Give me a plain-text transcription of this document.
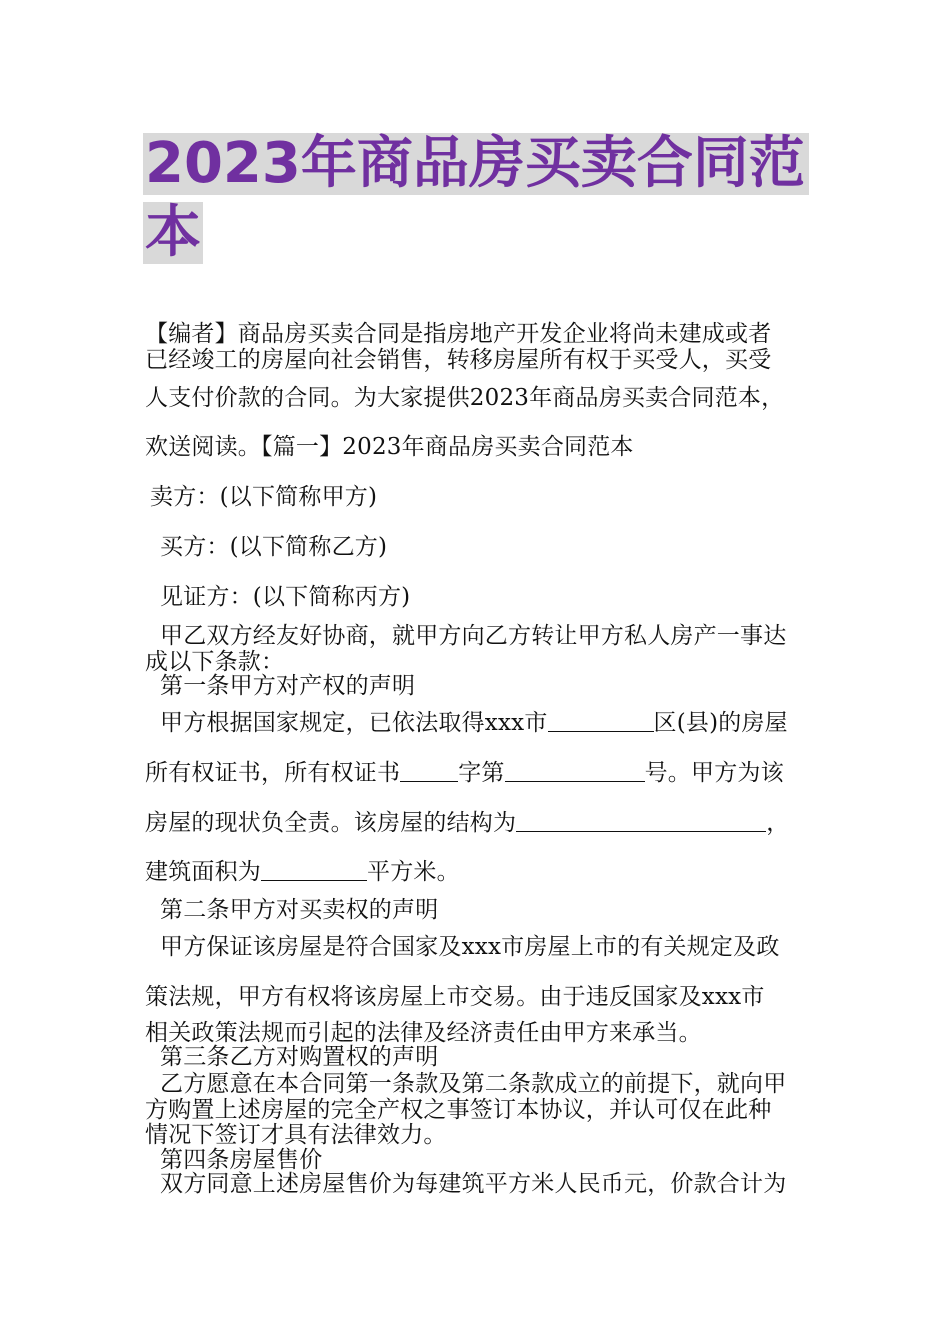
2023年商品房买卖合同范
本
【编者】商品房买卖合同是指房地产开发企业将尚未建成或者
已经竣工的房屋向社会销售，转移房屋所有权于买受人，买受
人支付价款的合同。为大家提供2023年商品房买卖合同范本，
欢送阅读。【篇一】2023年商品房买卖合同范本
卖方：(以下简称甲方)
买方：(以下简称乙方)
见证方：(以下简称丙方)
甲乙双方经友好协商，就甲方向乙方转让甲方私人房产一事达
成以下条款：
第一条甲方对产权的声明
甲方根据国家规定，已依法取得xxx市	区(县)的房屋
所有权证书，所有权证书	字第	号。甲方为该
房屋的现状负全责。该房屋的结构为	，
建筑面积为	平方米。
第二条甲方对买卖权的声明
甲方保证该房屋是符合国家及xxx市房屋上市的有关规定及政
策法规，甲方有权将该房屋上市交易。由于违反国家及xxx市
相关政策法规而引起的法律及经济责任由甲方来承当。
第三条乙方对购置权的声明
乙方愿意在本合同第一条款及第二条款成立的前提下，就向甲
方购置上述房屋的完全产权之事签订本协议，并认可仅在此种
情况下签订才具有法律效力。
第四条房屋售价
双方同意上述房屋售价为每建筑平方米人民币元，价款合计为
